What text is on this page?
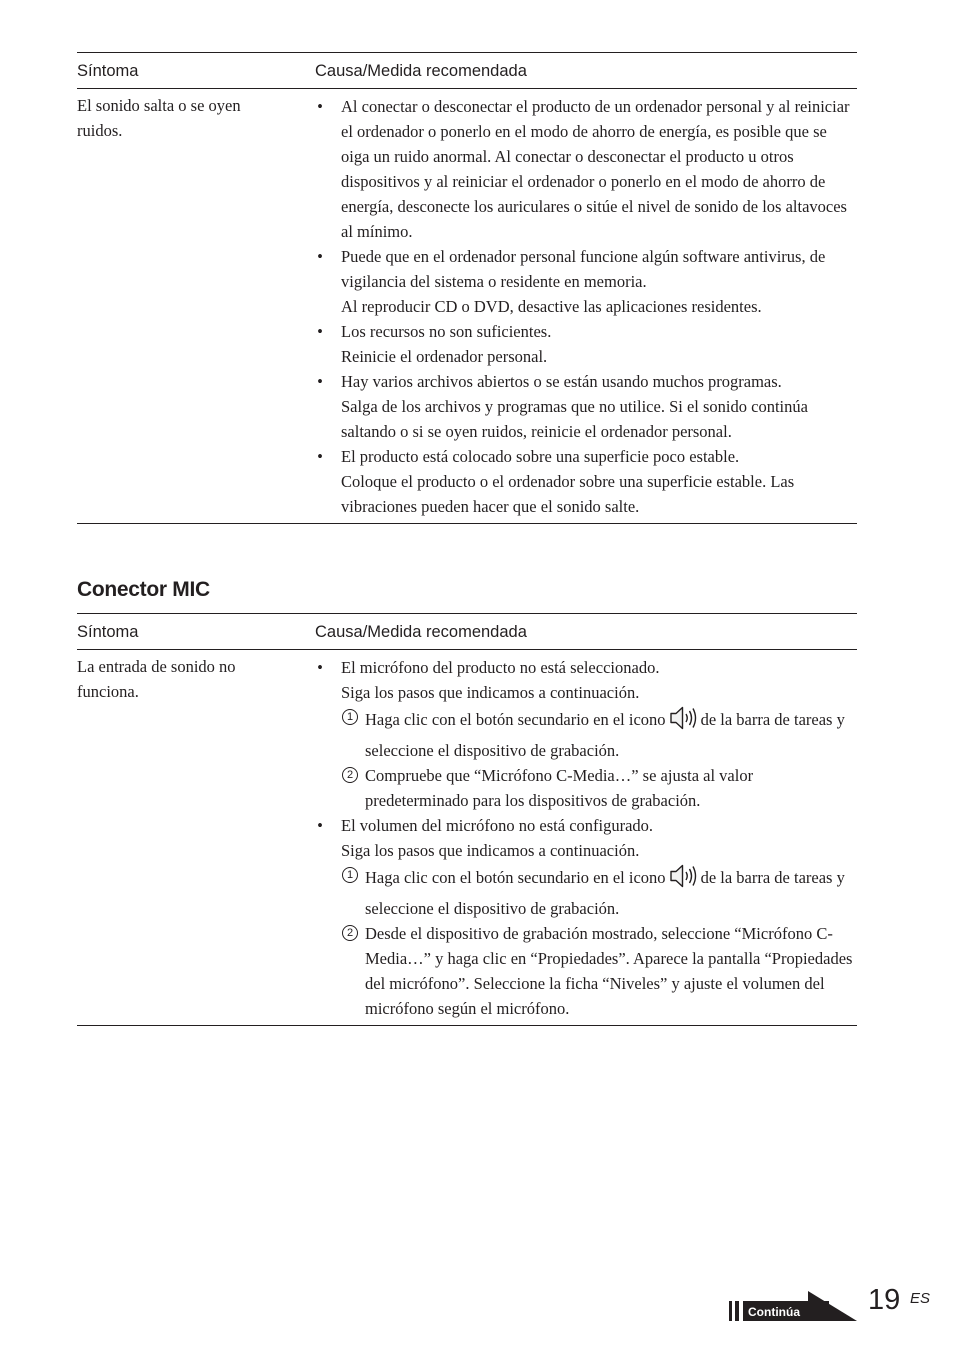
Síntoma	Causa/Medida recomendada
El sonido salta o se oyen ruidos.
• Al conectar o desconectar el producto de un ordenador personal y al reiniciar el ordenador o ponerlo en el modo de ahorro de energía, es posible que se oiga un ruido anormal. Al conectar o desconectar el producto u otros dispositivos y al reiniciar el ordenador o ponerlo en el modo de ahorro de energía, desconecte los auriculares o sitúe el nivel de sonido de los altavoces al mínimo.
• Puede que en el ordenador personal funcione algún software antivirus, de vigilancia del sistema o residente en memoria.
Al reproducir CD o DVD, desactive las aplicaciones residentes.
• Los recursos no son suficientes.
Reinicie el ordenador personal.
• Hay varios archivos abiertos o se están usando muchos programas.
Salga de los archivos y programas que no utilice. Si el sonido continúa saltando o si se oyen ruidos, reinicie el ordenador personal.
• El producto está colocado sobre una superficie poco estable.
Coloque el producto o el ordenador sobre una superficie estable. Las vibraciones pueden hacer que el sonido salte.
Conector MIC
Síntoma	Causa/Medida recomendada
La entrada de sonido no funciona.
• El micrófono del producto no está seleccionado.
Siga los pasos que indicamos a continuación.
1 Haga clic con el botón secundario en el icono de la barra de tareas y seleccione el dispositivo de grabación.
2 Compruebe que “Micrófono C-Media…” se ajusta al valor predeterminado para los dispositivos de grabación.
• El volumen del micrófono no está configurado.
Siga los pasos que indicamos a continuación.
1 Haga clic con el botón secundario en el icono de la barra de tareas y seleccione el dispositivo de grabación.
2 Desde el dispositivo de grabación mostrado, seleccione “Micrófono C-Media…” y haga clic en “Propiedades”. Aparece la pantalla “Propiedades del micrófono”. Seleccione la ficha “Niveles” y ajuste el volumen del micrófono según el micrófono.
Continúa 19 ES
